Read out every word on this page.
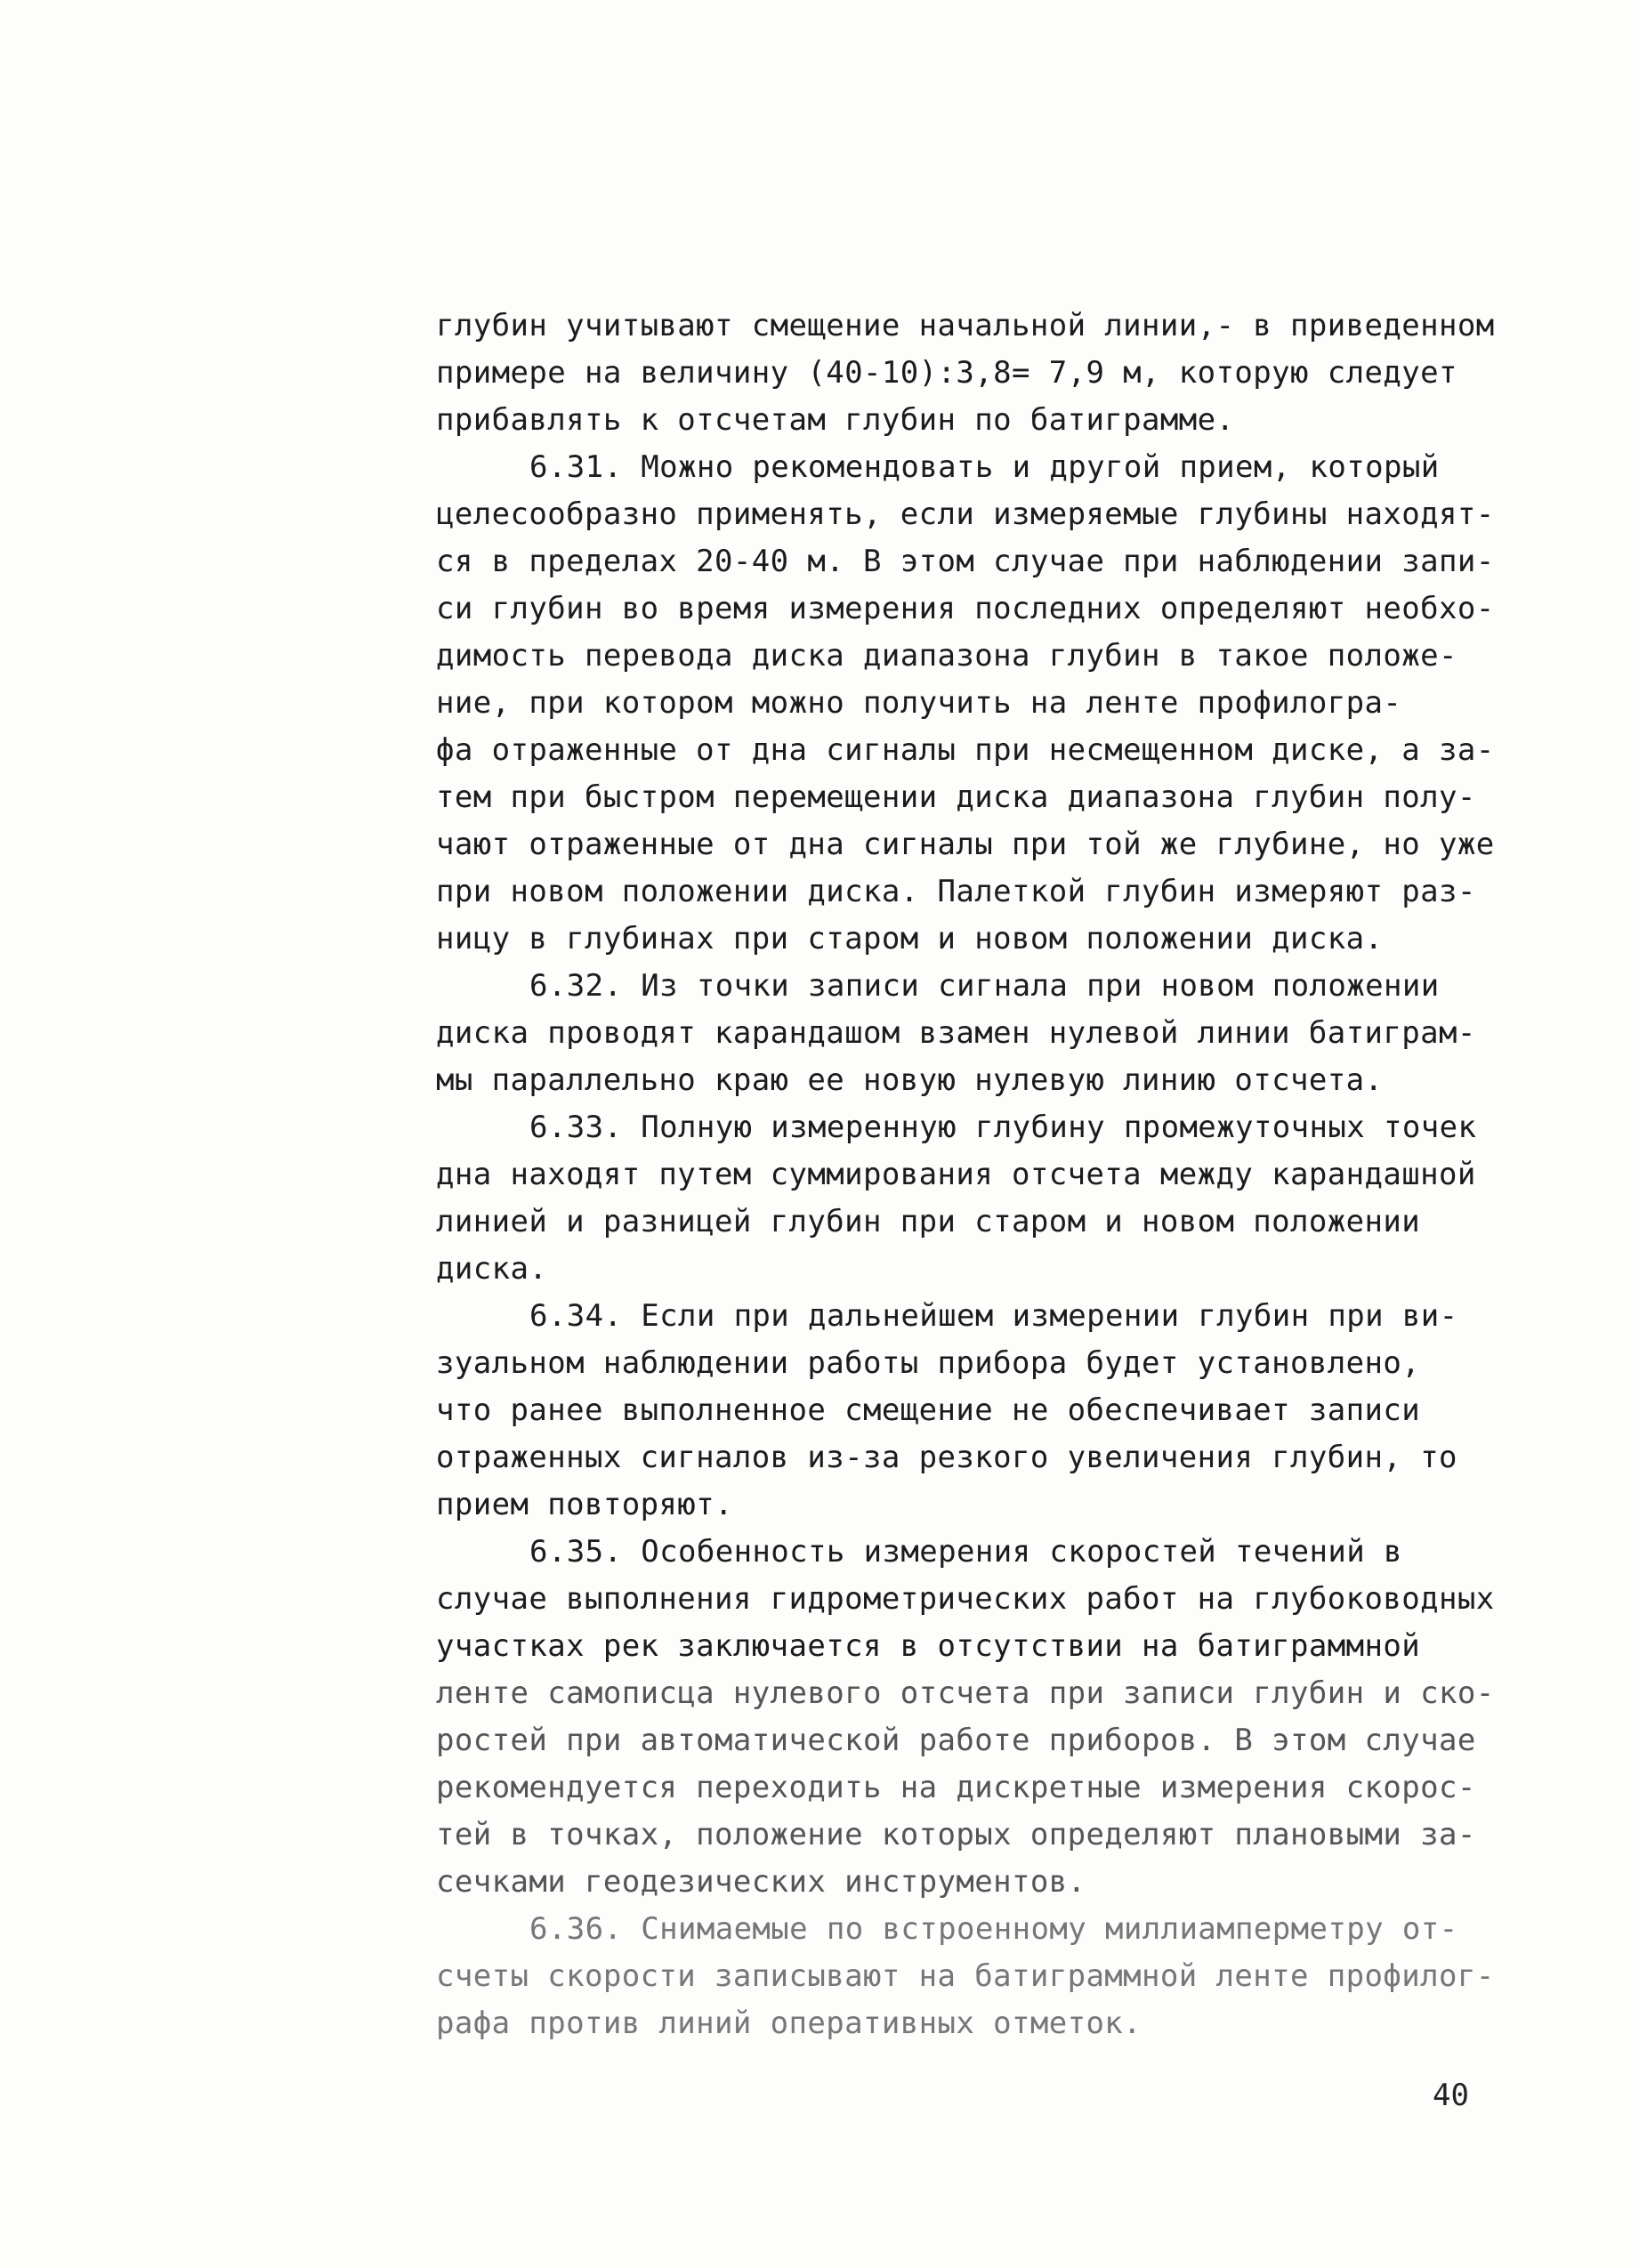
глубин учитывают смещение начальной линии,- в приведенном
примере на величину (40-10):3,8= 7,9 м, которую следует
прибавлять к отсчетам глубин по батиграмме.
6.31. Можно рекомендовать и другой прием, который
целесообразно применять, если измеряемые глубины находят-
ся в пределах 20-40 м. В этом случае при наблюдении запи-
си глубин во время измерения последних определяют необхо-
димость перевода диска диапазона глубин в такое положе-
ние, при котором можно получить на ленте профилогра-
фа отраженные от дна сигналы при несмещенном диске, а за-
тем при быстром перемещении диска диапазона глубин полу-
чают отраженные от дна сигналы при той же глубине, но уже
при новом положении диска. Палеткой глубин измеряют раз-
ницу в глубинах при старом и новом положении диска.
6.32. Из точки записи сигнала при новом положении
диска проводят карандашом взамен нулевой линии батиграм-
мы параллельно краю ее новую нулевую линию отсчета.
6.33. Полную измеренную глубину промежуточных точек
дна находят путем суммирования отсчета между карандашной
линией и разницей глубин при старом и новом положении
диска.
6.34. Если при дальнейшем измерении глубин при ви-
зуальном наблюдении работы прибора будет установлено,
что ранее выполненное смещение не обеспечивает записи
отраженных сигналов из-за резкого увеличения глубин, то
прием повторяют.
6.35. Особенность измерения скоростей течений в
случае выполнения гидрометрических работ на глубоководных
участках рек заключается в отсутствии на батиграммной
ленте самописца нулевого отсчета при записи глубин и ско-
ростей при автоматической работе приборов. В этом случае
рекомендуется переходить на дискретные измерения скорос-
тей в точках, положение которых определяют плановыми за-
сечками геодезических инструментов.
6.36. Снимаемые по встроенному миллиамперметру от-
счеты скорости записывают на батиграммной ленте профилог-
рафа против линий оперативных отметок.
40
